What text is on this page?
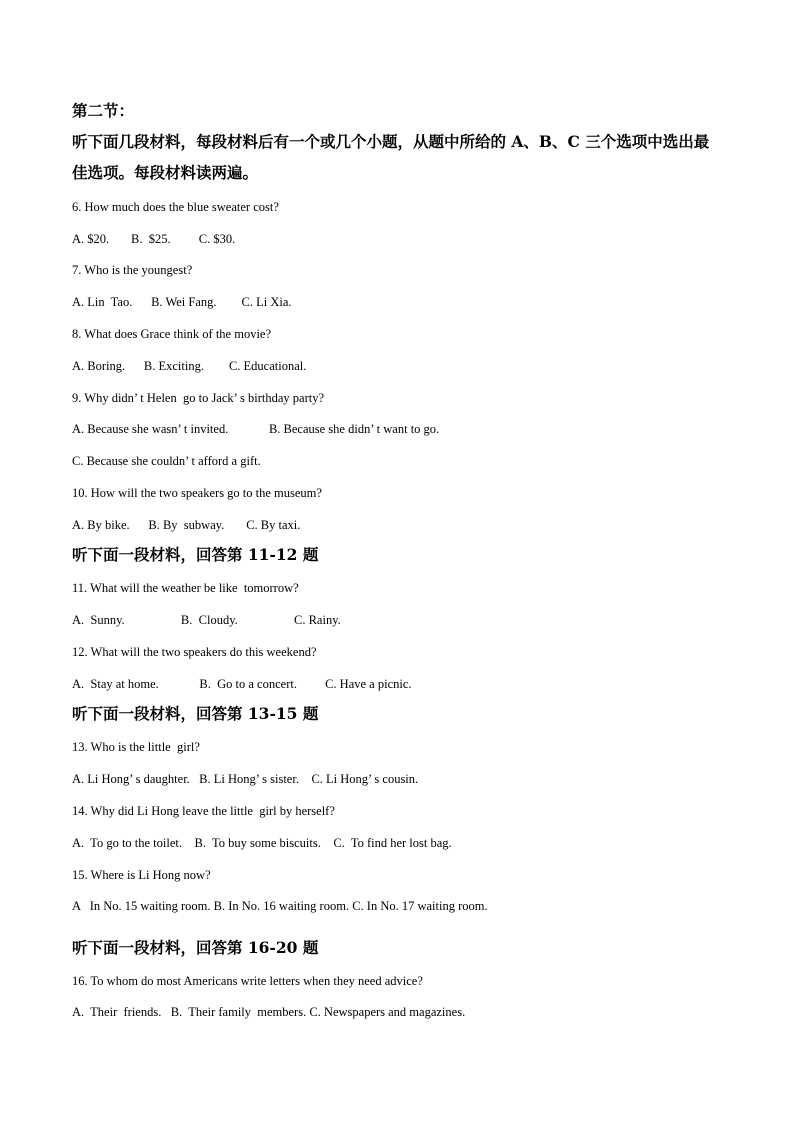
第二节：
听下面几段材料，每段材料后有一个或几个小题，从题中所给的 A、B、C 三个选项中选出最
佳选项。每段材料读两遍。
6. How much does the blue sweater cost?
A. $20.       B.  $25.         C. $30.
7. Who is the youngest?
A. Lin  Tao.      B. Wei Fang.        C. Li Xia.
8. What does Grace think of the movie?
A. Boring.      B. Exciting.        C. Educational.
9. Why didn’ t Helen  go to Jack’ s birthday party?
A. Because she wasn’ t invited.             B. Because she didn’ t want to go.
C. Because she couldn’ t afford a gift.
10. How will the two speakers go to the museum?
A. By bike.      B. By  subway.       C. By taxi.
听下面一段材料，回答第 11-12 题
11. What will the weather be like  tomorrow?
A.  Sunny.                  B.  Cloudy.                  C. Rainy.
12. What will the two speakers do this weekend?
A.  Stay at home.             B.  Go to a concert.         C. Have a picnic.
听下面一段材料，回答第 13-15 题
13. Who is the little  girl?
A. Li Hong’ s daughter.   B. Li Hong’ s sister.    C. Li Hong’ s cousin.
14. Why did Li Hong leave the little  girl by herself?
A.  To go to the toilet.    B.  To buy some biscuits.    C.  To find her lost bag.
15. Where is Li Hong now?
A   In No. 15 waiting room. B. In No. 16 waiting room. C. In No. 17 waiting room.
听下面一段材料，回答第 16-20 题
16. To whom do most Americans write letters when they need advice?
A.  Their  friends.   B.  Their family  members. C. Newspapers and magazines.
